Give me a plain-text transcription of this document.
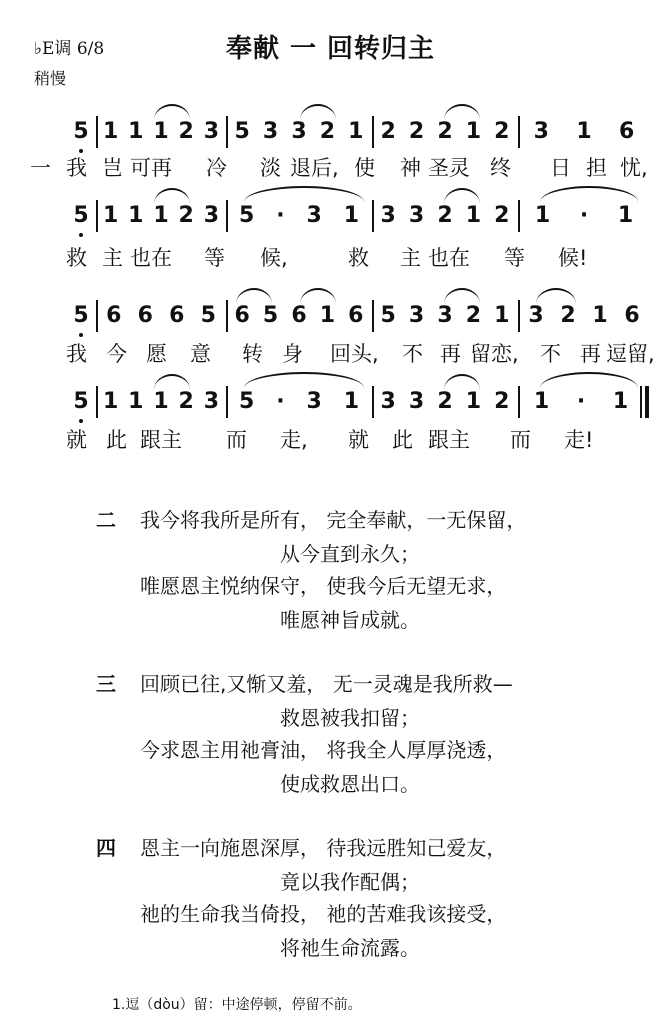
♭E调 6/8
稍慢
奉献 一 回转归主
5 1 1 1 2 3 5 3 3 2 1 2 2 2 1 2 3 1 6
一 我 岂 可再 冷 淡 退后, 使 神 圣灵 终 日 担 忧,
5 1 1 1 2 3 5 · 3 1 3 3 2 1 2 1 · 1
救 主 也在 等 候,	救 主 也在 等 候!
5 6 6 6 5 6 5 6 1 6 5 3 3 2 1 3 2 1 6
我 今 愿 意 转 身 回头, 不 再 留恋, 不 再 逗留,
5 1 1 1 2 3 5 · 3 1 3 3 2 1 2 1 · 1
就 此 跟主 而 走, 就 此 跟主 而 走!
二 我今将我所是所有， 完全奉献，一无保留，
从今直到永久；
唯愿恩主悦纳保守， 使我今后无望无求，
唯愿神旨成就。
三 回顾已往,又惭又羞， 无一灵魂是我所救—
救恩被我扣留；
今求恩主用祂膏油， 将我全人厚厚浇透，
使成救恩出口。
四 恩主一向施恩深厚， 待我远胜知己爱友，
竟以我作配偶；
祂的生命我当倚投， 祂的苦难我该接受，
将祂生命流露。
1.逗（dòu）留：中途停顿，停留不前。
